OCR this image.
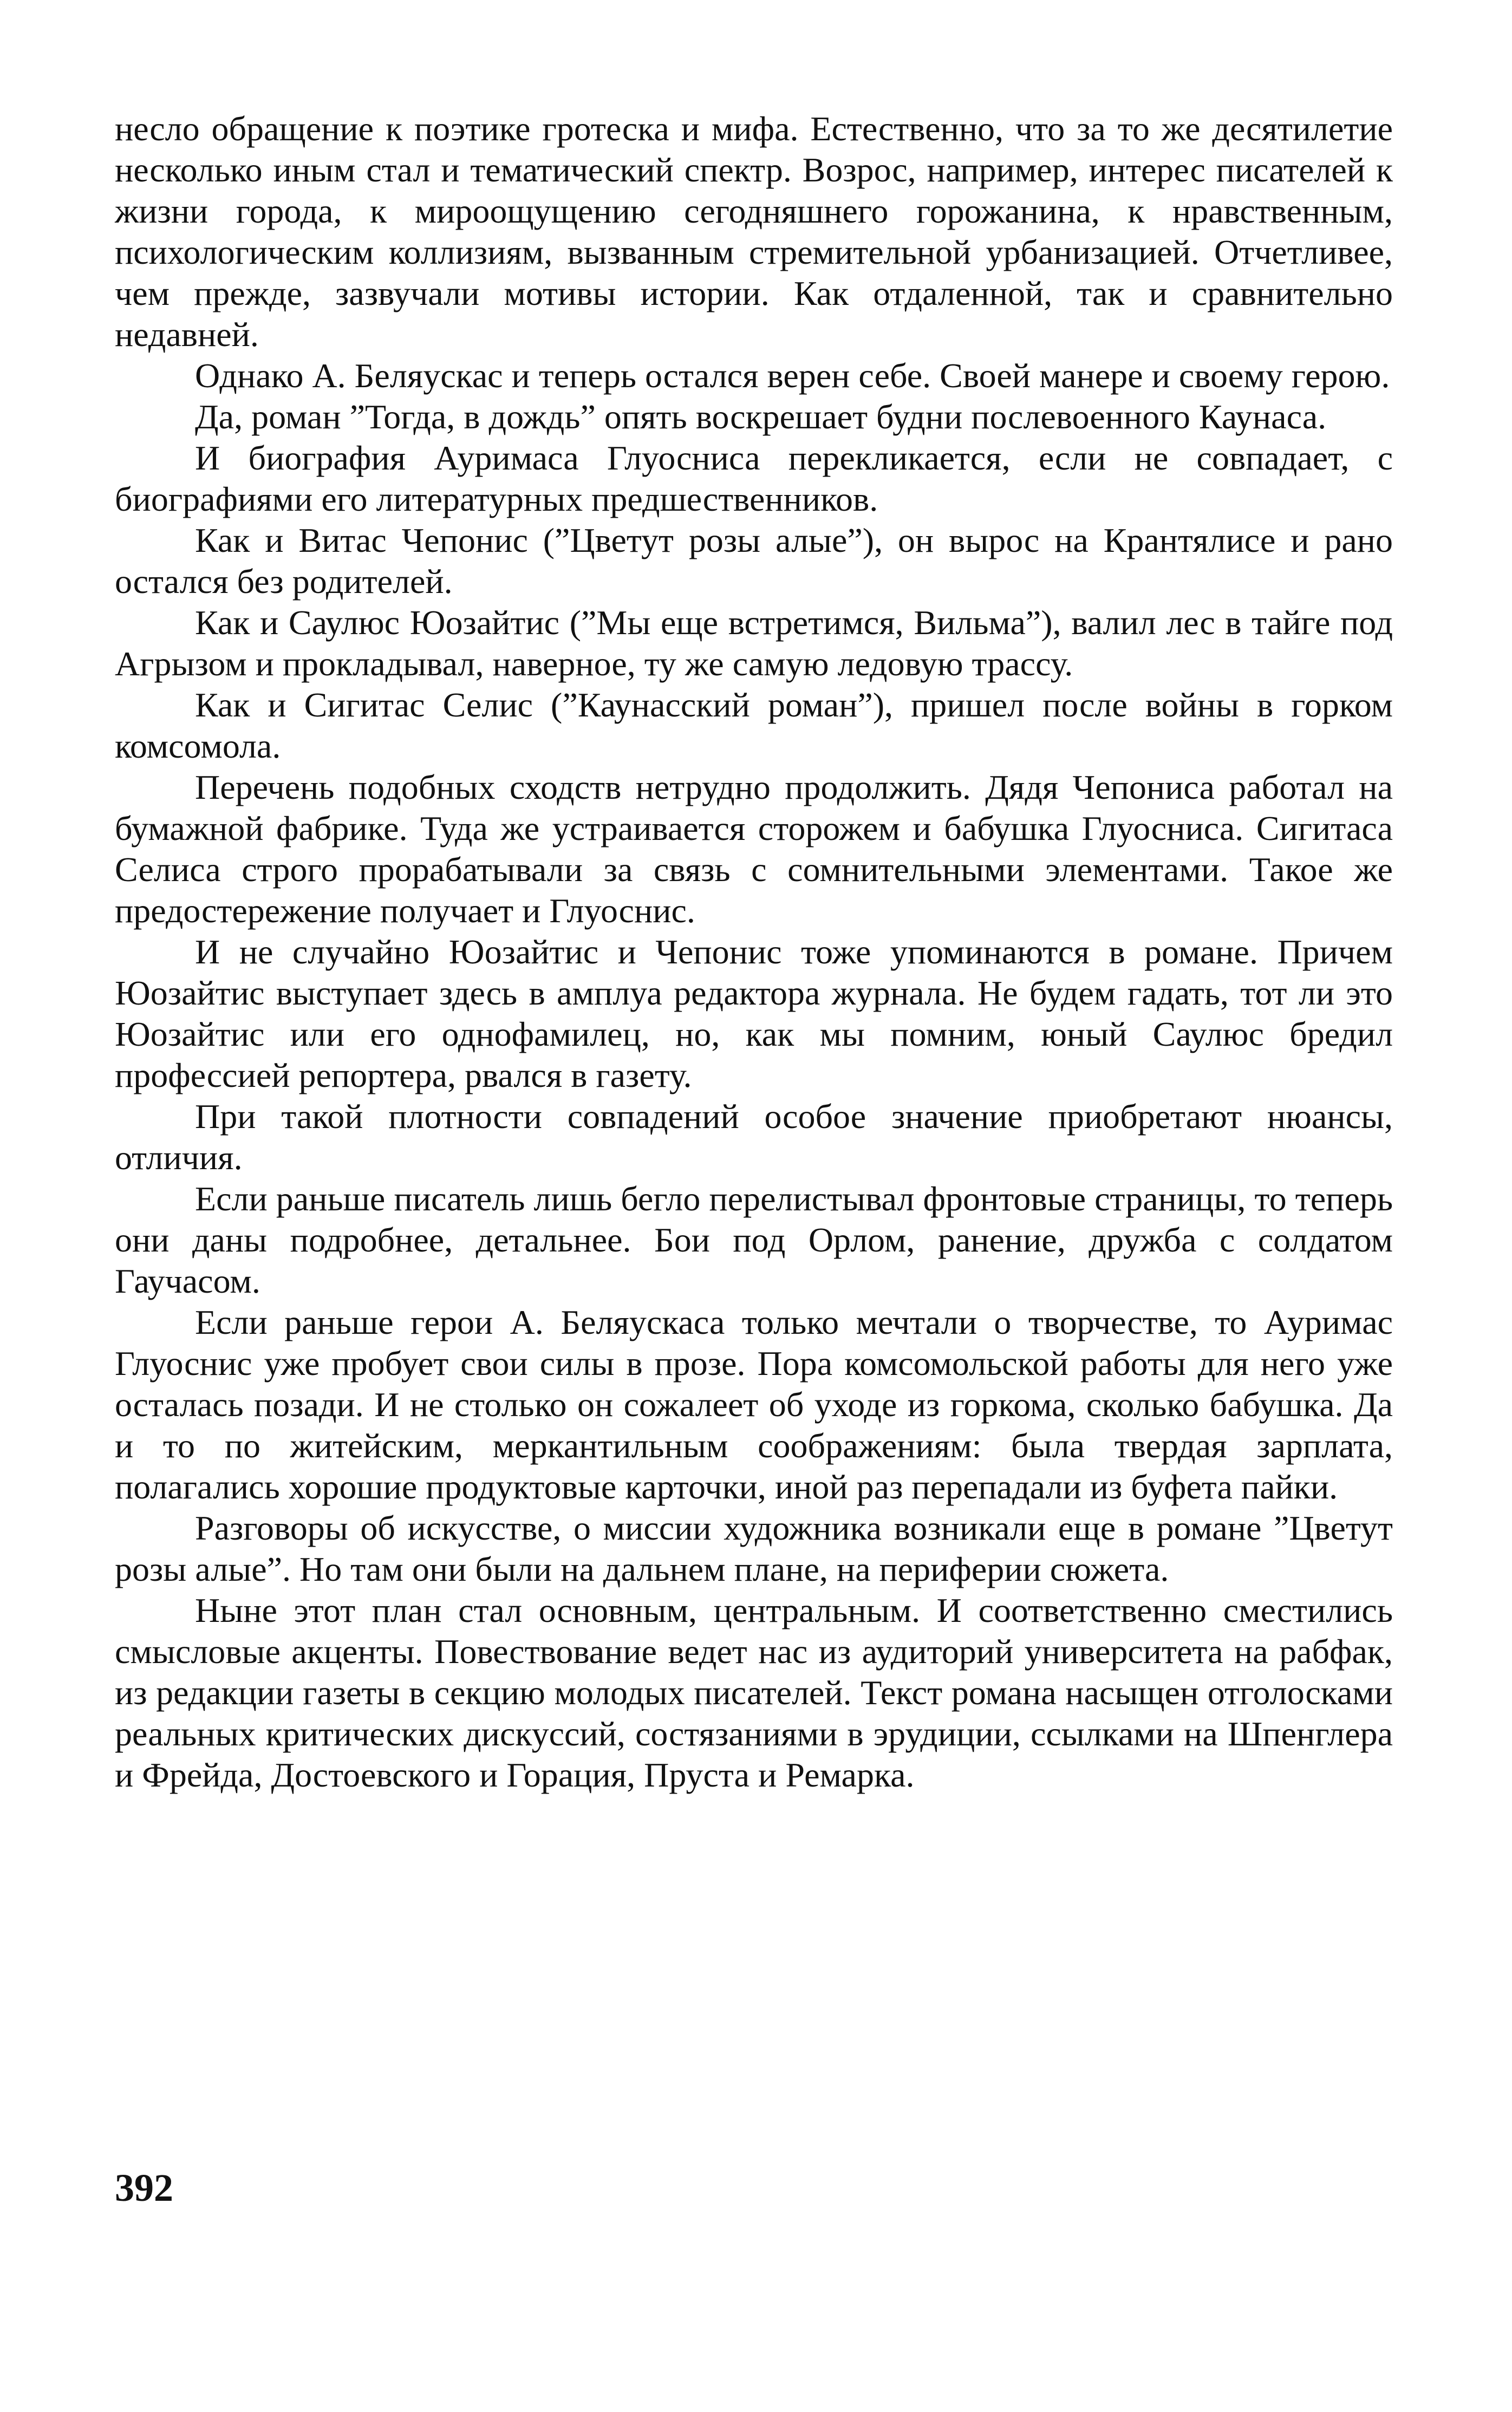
несло обращение к поэтике гротеска и мифа. Естественно, что за то же десятилетие несколько иным стал и тематический спектр. Возрос, например, интерес писателей к жизни города, к мироощущению сегодняшнего горожанина, к нравственным, психологическим коллизиям, вызванным стремительной урбанизацией. Отчетливее, чем прежде, зазвучали мотивы истории. Как отдаленной, так и сравнительно недавней.

Однако А. Беляускас и теперь остался верен себе. Своей манере и своему герою.

Да, роман ”Тогда, в дождь” опять воскрешает будни послевоенного Каунаса.

И биография Ауримаса Глуосниса перекликается, если не совпадает, с биографиями его литературных предшественников.

Как и Витас Чепонис (”Цветут розы алые”), он вырос на Крантялисе и рано остался без родителей.

Как и Саулюс Юозайтис (”Мы еще встретимся, Вильма”), валил лес в тайге под Агрызом и прокладывал, наверное, ту же самую ледовую трассу.

Как и Сигитас Селис (”Каунасский роман”), пришел после войны в горком комсомола.

Перечень подобных сходств нетрудно продолжить. Дядя Чепониса работал на бумажной фабрике. Туда же устраивается сторожем и бабушка Глуосниса. Сигитаса Селиса строго прорабатывали за связь с сомнительными элементами. Такое же предостережение получает и Глуоснис.

И не случайно Юозайтис и Чепонис тоже упоминаются в романе. Причем Юозайтис выступает здесь в амплуа редактора журнала. Не будем гадать, тот ли это Юозайтис или его однофамилец, но, как мы помним, юный Саулюс бредил профессией репортера, рвался в газету.

При такой плотности совпадений особое значение приобретают нюансы, отличия.

Если раньше писатель лишь бегло перелистывал фронтовые страницы, то теперь они даны подробнее, детальнее. Бои под Орлом, ранение, дружба с солдатом Гаучасом.

Если раньше герои А. Беляускаса только мечтали о творчестве, то Ауримас Глуоснис уже пробует свои силы в прозе. Пора комсомольской работы для него уже осталась позади. И не столько он сожалеет об уходе из горкома, сколько бабушка. Да и то по житейским, меркантильным соображениям: была твердая зарплата, полагались хорошие продуктовые карточки, иной раз перепадали из буфета пайки.

Разговоры об искусстве, о миссии художника возникали еще в романе ”Цветут розы алые”. Но там они были на дальнем плане, на периферии сюжета.

Ныне этот план стал основным, центральным. И соответственно сместились смысловые акценты. Повествование ведет нас из аудиторий университета на рабфак, из редакции газеты в секцию молодых писателей. Текст романа насыщен отголосками реальных критических дискуссий, состязаниями в эрудиции, ссылками на Шпенглера и Фрейда, Достоевского и Горация, Пруста и Ремарка.

392
